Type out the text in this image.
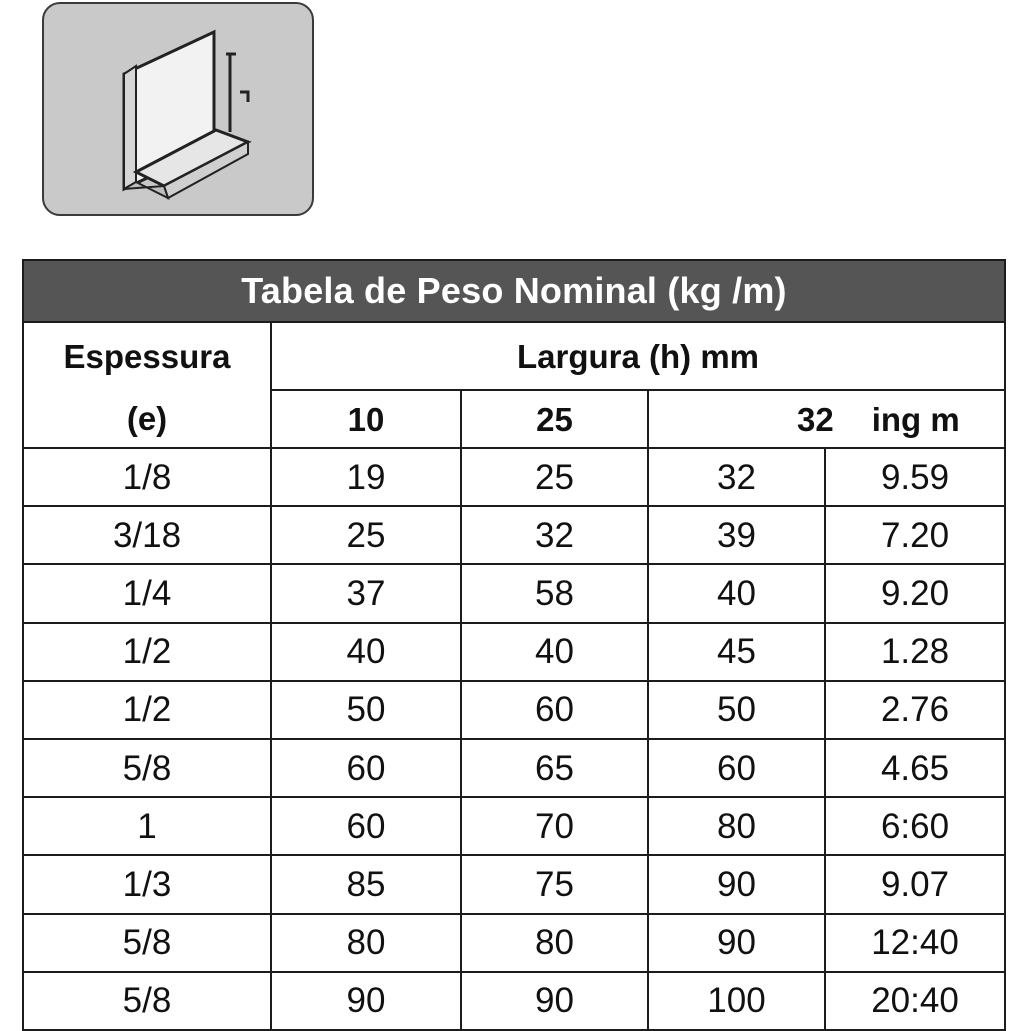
Tabela de Peso Nominal (kg /m)				
Espessura	Largura (h) mm			
(e)	10	25	32 ing m	
1/8	19	25	32	9.59
3/18	25	32	39	7.20
1/4	37	58	40	9.20
1/2	40	40	45	1.28
1/2	50	60	50	2.76
5/8	60	65	60	4.65
1	60	70	80	6:60
1/3	85	75	90	9.07
5/8	80	80	90	12:40
5/8	90	90	100	20:40
